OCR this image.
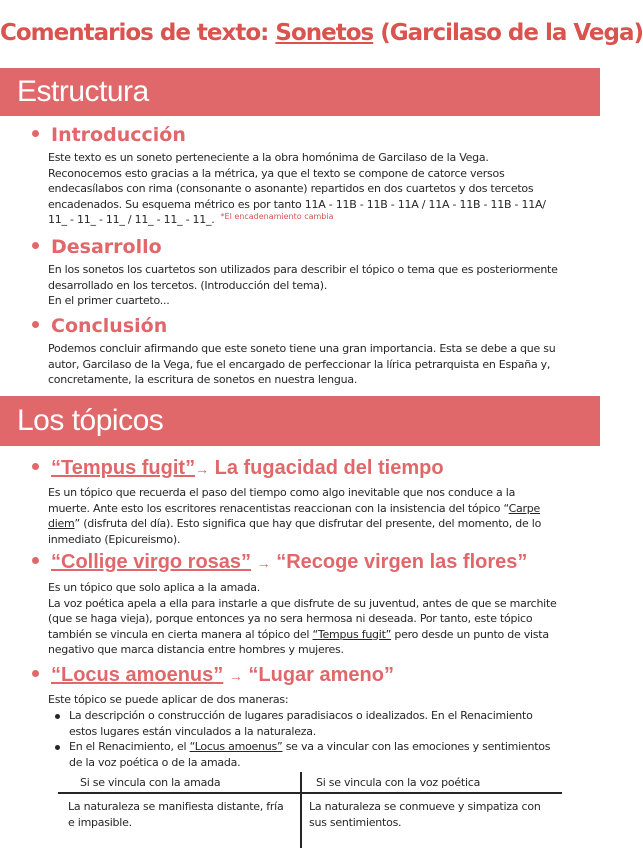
Comentarios de texto: Sonetos (Garcilaso de la Vega)
Estructura
Introducción

Este texto es un soneto perteneciente a la obra homónima de Garcilaso de la Vega. Reconocemos esto gracias a la métrica, ya que el texto se compone de catorce versos endecasílabos con rima (consonante o asonante) repartidos en dos cuartetos y dos tercetos encadenados. Su esquema métrico es por tanto 11A - 11B - 11B - 11A / 11A - 11B - 11B - 11A/ 11_ - 11_ - 11_ / 11_ - 11_ - 11_. $^{*El encadenamiento cambia}$

Desarrollo

En los sonetos los cuartetos son utilizados para describir el tópico o tema que es posteriormente desarrollado en los tercetos. (Introducción del tema).

En el primer cuarteto...

Conclusión

Podemos concluir afirmando que este soneto tiene una gran importancia. Esta se debe a que su autor, Garcilaso de la Vega, fue el encargado de perfeccionar la lírica petrarquista en España y, concretamente, la escritura de sonetos en nuestra lengua.

Los tópicos
“Tempus fugit”→ La fugacidad del tiempo

Es un tópico que recuerda el paso del tiempo como algo inevitable que nos conduce a la muerte. Ante esto los escritores renacentistas reaccionan con la insistencia del tópico “Carpe diem” (disfruta del día). Esto significa que hay que disfrutar del presente, del momento, de lo inmediato (Epicureismo).

“Collige virgo rosas” → “Recoge virgen las flores”

Es un tópico que solo aplica a la amada.

La voz poética apela a ella para instarle a que disfrute de su juventud, antes de que se marchite (que se haga vieja), porque entonces ya no sera hermosa ni deseada. Por tanto, este tópico también se vincula en cierta manera al tópico del “Tempus fugit” pero desde un punto de vista negativo que marca distancia entre hombres y mujeres.

“Locus amoenus” → “Lugar ameno”

Este tópico se puede aplicar de dos maneras:

La descripción o construcción de lugares paradisiacos o idealizados. En el Renacimiento estos lugares están vinculados a la naturaleza.
En el Renacimiento, el “Locus amoenus” se va a vincular con las emociones y sentimientos de la voz poética o de la amada.
Si se vincula con la amada	Si se vincula con la voz poética
La naturaleza se manifiesta distante, fría e impasible.
La naturaleza se conmueve y simpatiza con sus sentimientos.
